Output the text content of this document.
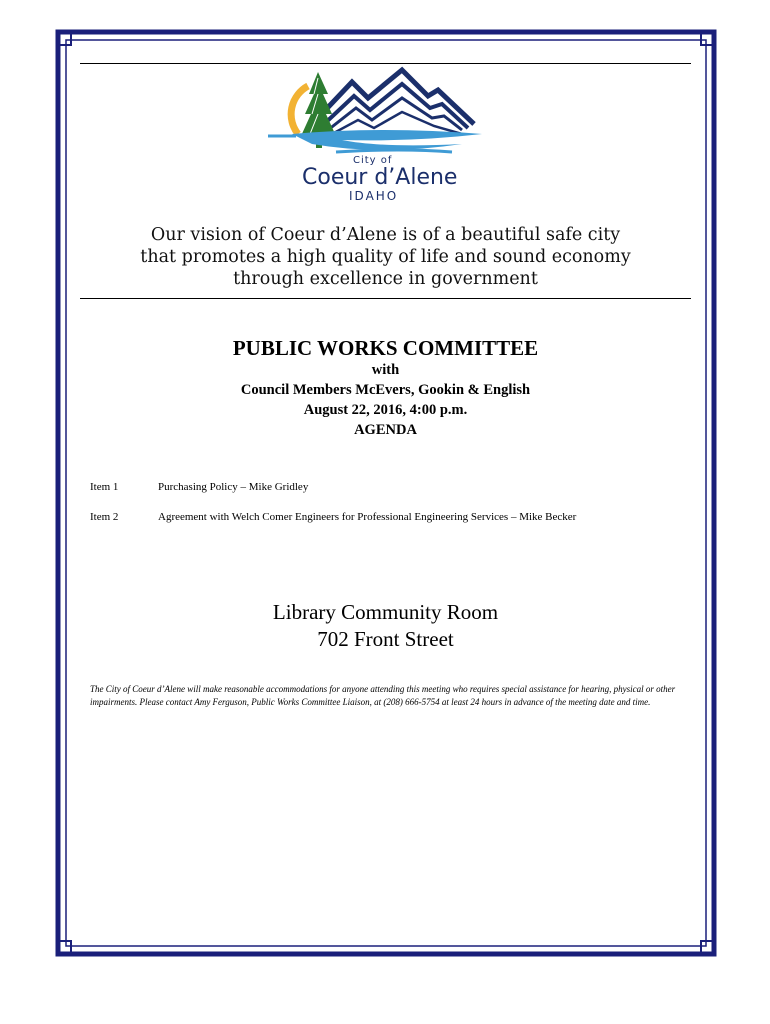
City of
Coeur d’Alene
IDAHO
Our vision of Coeur d’Alene is of a beautiful safe city
that promotes a high quality of life and sound economy
through excellence in government
PUBLIC WORKS COMMITTEE
with
Council Members McEvers, Gookin & English
August 22, 2016, 4:00 p.m.
AGENDA
Item 1	Purchasing Policy – Mike Gridley
Item 2	Agreement with Welch Comer Engineers for Professional Engineering Services – Mike Becker
Library Community Room
702 Front Street
The City of Coeur d’Alene will make reasonable accommodations for anyone attending this meeting who requires special assistance for hearing, physical or other impairments. Please contact Amy Ferguson, Public Works Committee Liaison, at (208) 666-5754 at least 24 hours in advance of the meeting date and time.
